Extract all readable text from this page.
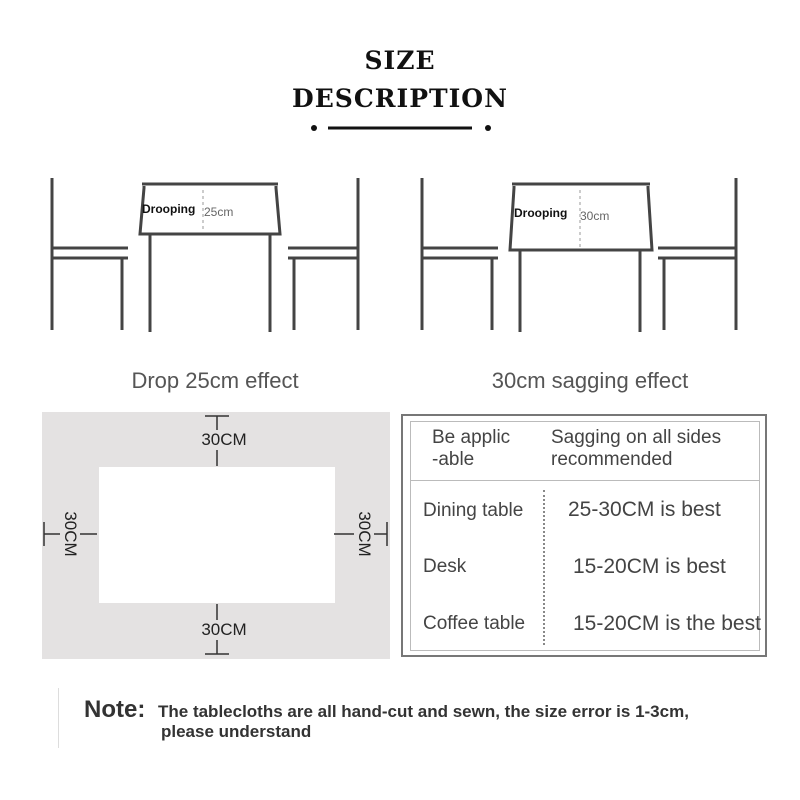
SIZE
DESCRIPTION
Drooping 25cm
Drop 25cm effect
Drooping 30cm
30cm sagging effect
30CM
30CM
30CM	30CM
Be applic
-able
Sagging on all sides
recommended
Dining table 25-30CM is best
Desk	15-20CM is best
Coffee table 15-20CM is the best
Note: The tablecloths are all hand-cut and sewn, the size error is 1-3cm,
please understand
